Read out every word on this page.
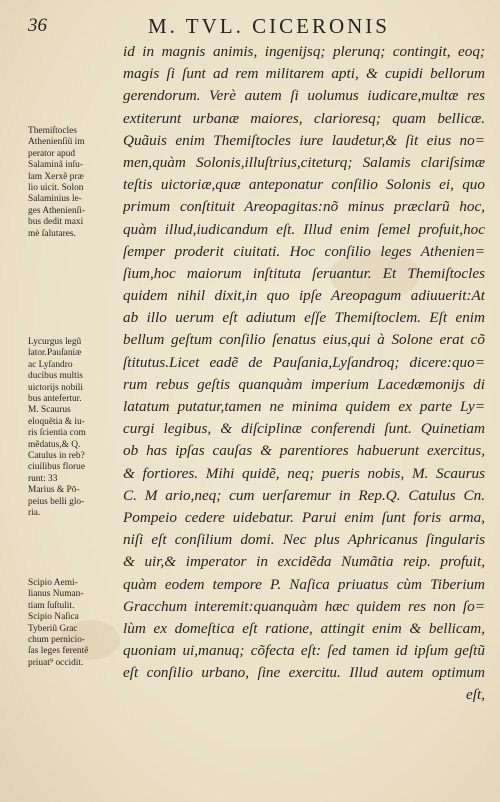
36	M. TVL. CICERONIS
Themiſtocles
Athenienſiũ im
perator apud
Salaminã inſu-
lam Xerxẽ præ
lio uicit. Solon
Salaminius le-
ges Athenienſi-
bus dedit maxi
mè ſalutares.
Lycurgus legũ
lator.Pauſaniæ
ac Lyſandro
ducibus multis
uictorijs nobili
bus antefertur.
M. Scaurus
eloquẽtia & iu-
ris ſcientia com
mẽdatus,& Q.
Catulus in reb?
ciuilibus florue
runt: 33
Marius & Pō-
peius belli glo-
ria.
Scipio Aemi-
lianus Numan-
tiam ſuſtulit.
Scipio Naſica
Tyberiũ Grac
chum pernicio-
ſas leges ferentẽ
priuat⁹ occidit.
id in magnis animis, ingenijsq; plerunq; contingit, eoq;
magis ſi ſunt ad rem militarem apti, & cupidi bellorum
gerendorum. Verè autem ſi uolumus iudicare,multæ res
extiterunt urbanæ maiores, clarioresq; quam bellicæ.
Quãuis enim Themiſtocles iure laudetur,& ſit eius no=
men,quàm Solonis,illuſtrius,citeturq; Salamis clariſsimæ
teſtis uictoriæ,quæ anteponatur conſilio Solonis ei, quo
primum conſtituit Areopagitas:nõ minus præclarũ hoc,
quàm illud,iudicandum eſt. Illud enim ſemel profuit,hoc
ſemper proderit ciuitati. Hoc conſilio leges Athenien=
ſium,hoc maiorum inſtituta ſeruantur. Et Themiſtocles
quidem nihil dixit,in quo ipſe Areopagum adiuuerit:At
ab illo uerum eſt adiutum eſſe Themiſtoclem. Eſt enim
bellum geſtum conſilio ſenatus eius,qui à Solone erat cõ
ſtitutus.Licet eadẽ de Pauſania,Lyſandroq; dicere:quo=
rum rebus geſtis quanquàm imperium Lacedæmonijs di
latatum putatur,tamen ne minima quidem ex parte Ly=
curgi legibus, & diſciplinæ conferendi ſunt. Quinetiam
ob has ipſas cauſas & parentiores habuerunt exercitus,
& fortiores. Mihi quidẽ, neq; pueris nobis, M. Scaurus
C. M ario,neq; cum uerſaremur in Rep.Q. Catulus Cn.
Pompeio cedere uidebatur. Parui enim ſunt foris arma,
niſi eſt conſilium domi. Nec plus Aphricanus ſingularis
& uir,& imperator in excidẽda Numãtia reip. profuit,
quàm eodem tempore P. Naſica priuatus cùm Tiberium
Gracchum interemit:quanquàm hæc quidem res non ſo=
lùm ex domeſtica eſt ratione, attingit enim & bellicam,
quoniam ui,manuq; cõfecta eſt: ſed tamen id ipſum geſtũ
eſt conſilio urbano, ſine exercitu. Illud autem optimum
eſt,
